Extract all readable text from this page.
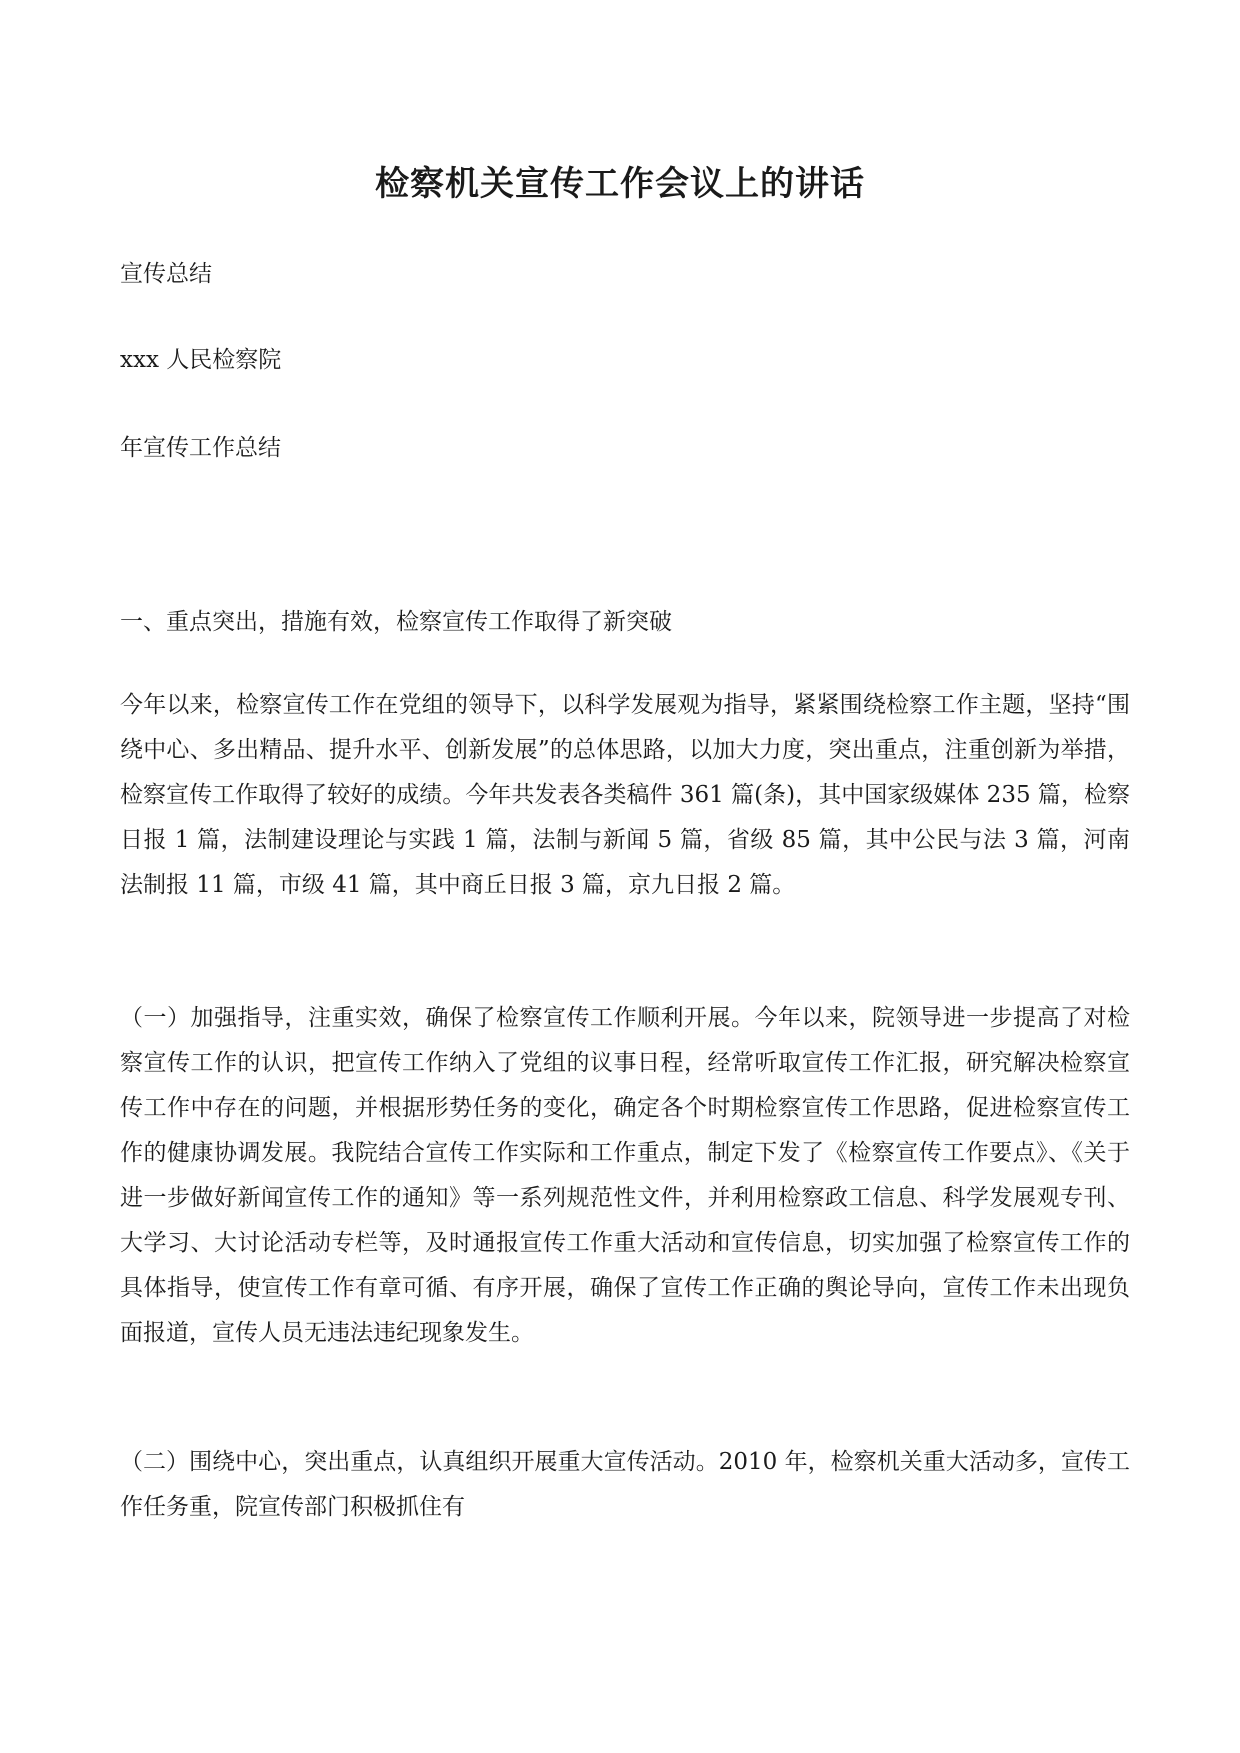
检察机关宣传工作会议上的讲话

宣传总结

xxx 人民检察院

年宣传工作总结

一、重点突出，措施有效，检察宣传工作取得了新突破

今年以来，检察宣传工作在党组的领导下，以科学发展观为指导，紧紧围绕检察工作主题，坚持“围绕中心、多出精品、提升水平、创新发展”的总体思路，以加大力度，突出重点，注重创新为举措，检察宣传工作取得了较好的成绩。今年共发表各类稿件 361 篇(条)，其中国家级媒体 235 篇，检察日报 1 篇，法制建设理论与实践 1 篇，法制与新闻 5 篇，省级 85 篇，其中公民与法 3 篇，河南法制报 11 篇，市级 41 篇，其中商丘日报 3 篇，京九日报 2 篇。

（一）加强指导，注重实效，确保了检察宣传工作顺利开展。今年以来，院领导进一步提高了对检察宣传工作的认识，把宣传工作纳入了党组的议事日程，经常听取宣传工作汇报，研究解决检察宣传工作中存在的问题，并根据形势任务的变化，确定各个时期检察宣传工作思路，促进检察宣传工作的健康协调发展。我院结合宣传工作实际和工作重点，制定下发了《检察宣传工作要点》、《关于进一步做好新闻宣传工作的通知》等一系列规范性文件，并利用检察政工信息、科学发展观专刊、大学习、大讨论活动专栏等，及时通报宣传工作重大活动和宣传信息，切实加强了检察宣传工作的具体指导，使宣传工作有章可循、有序开展，确保了宣传工作正确的舆论导向，宣传工作未出现负面报道，宣传人员无违法违纪现象发生。

（二）围绕中心，突出重点，认真组织开展重大宣传活动。2010 年，检察机关重大活动多，宣传工作任务重，院宣传部门积极抓住有
